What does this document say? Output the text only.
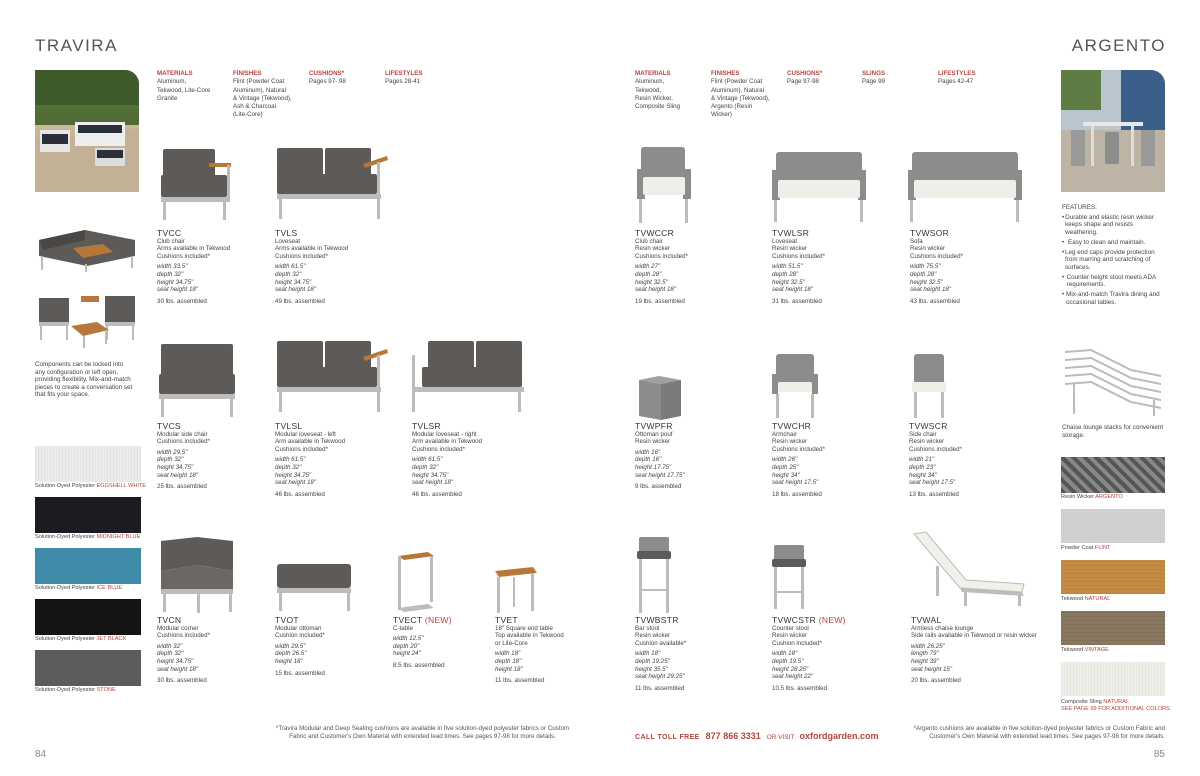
TRAVIRA	ARGENTO
Components can be locked into any configuration or left open, providing flexibility. Mix-and-match pieces to create a conversation set that fits your space.
Solution-Dyed Polyester EGGSHELL WHITE
Solution-Dyed Polyester MIDNIGHT BLUE
Solution-Dyed Polyester ICE BLUE
Solution-Dyed Polyester JET BLACK
Solution-Dyed Polyester STONE
MATERIALS
Aluminum,
Tekwood, Lite-Core
Granite
FINISHES
Flint (Powder Coat
Aluminum), Natural
& Vintage (Tekwood),
Ash & Charcoal
(Lite-Core)
CUSHIONS*
Pages 97- 98
LIFESTYLES
Pages 28-41
TVCC
Club chair
Arms available in Tekwood
Cushions included*
width 33.5"
depth 32"
height 34.75"
seat height 18"
30 lbs. assembled
TVLS
Loveseat
Arms available in Tekwood
Cushions included*
width 61.5"
depth 32"
height 34.75"
seat height 18"
49 lbs. assembled
TVCS
Modular side chair
Cushions included*
width 29.5"
depth 32"
height 34.75"
seat height 18"
25 lbs. assembled
TVLSL
Modular loveseat - left
Arm available in Tekwood
Cushions included*
width 61.5"
depth 32"
height 34.75"
seat height 18"
46 lbs. assembled
TVLSR
Modular loveseat - right
Arm available in Tekwood
Cushions included*
width 61.5"
depth 32"
height 34.75"
seat height 18"
46 lbs. assembled
TVCN
Modular corner
Cushions included*
width 32"
depth 32"
height 34.75"
seat height 18"
30 lbs. assembled
TVOT
Modular ottoman
Cushion included*
width 29.5"
depth 26.5"
height 18"
15 lbs. assembled
TVECT (NEW)
C-table
width 12.5"
depth 20"
height 24"
8.5 lbs. assembled
TVET
18" Square end table
Top available in Tekwood
or Lite-Core
width 18"
depth 18"
height 18"
11 lbs. assembled
*Travira Modular and Deep Seating cushions are available in five solution-dyed polyester fabrics or Custom Fabric and Customer's Own Material with extended lead times. See pages 97-98 for more details.
84
MATERIALS
Aluminum,
Tekwood,
Resin Wicker,
Composite Sling
FINISHES
Flint (Powder Coat
Aluminum), Natural
& Vintage (Tekwood),
Argento (Resin
Wicker)
CUSHIONS*
Page 97-98
SLINGS
Page 99
LIFESTYLES
Pages 42-47
FEATURES:
• Durable and elastic resin wicker keeps shape and resists weathering.
• Easy to clean and maintain.
• Leg end caps provide protection from marring and scratching of surfaces.
• Counter height stool meets ADA requirements.
• Mix-and-match Travira dining and occasional tables.
Chaise lounge stacks for convenient storage.
Resin Wicker ARGENTO
Powder Coat FLINT
Tekwood NATURAL
Tekwood VINTAGE
Composite Sling NATURAL
SEE PAGE 99 FOR ADDITIONAL COLORS
TVWCCR
Club chair
Resin wicker
Cushions included*
width 27"
depth 28"
height 32.5"
seat height 18"
19 lbs. assembled
TVWLSR
Loveseat
Resin wicker
Cushions included*
width 51.5"
depth 28"
height 32.5"
seat height 18"
31 lbs. assembled
TVWSOR
Sofa
Resin wicker
Cushions included*
width 75.5"
depth 28"
height 32.5"
seat height 18"
43 lbs. assembled
TVWPFR
Ottoman pouf
Resin wicker
width 16"
depth 16"
height 17.75"
seat height 17.75"
9 lbs. assembled
TVWCHR
Armchair
Resin wicker
Cushions included*
width 26"
depth 25"
height 34"
seat height 17.5"
18 lbs. assembled
TVWSCR
Side chair
Resin wicker
Cushions included*
width 21"
depth 23"
height 34"
seat height 17.5"
13 lbs. assembled
TVWBSTR
Bar stool
Resin wicker
Cushion available*
width 18"
depth 19.25"
height 35.5"
seat height 29.25"
11 lbs. assembled
TVWCSTR (NEW)
Counter stool
Resin wicker
Cushion included*
width 18"
depth 19.5"
height 28.25"
seat height 22"
10.5 lbs. assembled
TVWAL
Armless chaise lounge
Side rails available in Tekwood or resin wicker
width 26.25"
length 79"
height 39"
seat height 15"
20 lbs. assembled
CALL TOLL FREE 877 866 3331 OR VISIT oxfordgarden.com
*Argento cushions are available in five solution-dyed polyester fabrics or Custom Fabric and Customer's Own Material with extended lead times. See pages 97-98 for more details.
85
